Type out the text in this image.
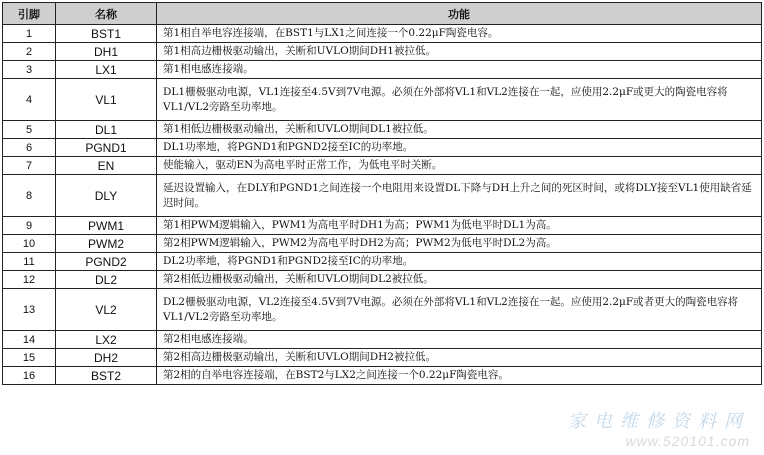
引脚	名称	功能
1	BST1	第1相自举电容连接端，在BST1与LX1之间连接一个0.22μF陶瓷电容。
2	DH1	第1相高边栅极驱动输出，关断和UVLO期间DH1被拉低。
3	LX1	第1相电感连接端。
4	VL1	DL1栅极驱动电源，VL1连接至4.5V到7V电源。必须在外部将VL1和VL2连接在一起，应使用2.2μF或更大的陶瓷电容将VL1/VL2旁路至功率地。
5	DL1	第1相低边栅极驱动输出，关断和UVLO期间DL1被拉低。
6	PGND1	DL1功率地，将PGND1和PGND2接至IC的功率地。
7	EN	使能输入，驱动EN为高电平时正常工作，为低电平时关断。
8	DLY	延迟设置输入，在DLY和PGND1之间连接一个电阻用来设置DL下降与DH上升之间的死区时间，或将DLY接至VL1使用缺省延迟时间。
9	PWM1	第1相PWM逻辑输入，PWM1为高电平时DH1为高；PWM1为低电平时DL1为高。
10	PWM2	第2相PWM逻辑输入，PWM2为高电平时DH2为高；PWM2为低电平时DL2为高。
11	PGND2	DL2功率地，将PGND1和PGND2接至IC的功率地。
12	DL2	第2相低边栅极驱动输出，关断和UVLO期间DL2被拉低。
13	VL2	DL2栅极驱动电源，VL2连接至4.5V到7V电源。必须在外部将VL1和VL2连接在一起。应使用2.2μF或者更大的陶瓷电容将VL1/VL2旁路至功率地。
14	LX2	第2相电感连接端。
15	DH2	第2相高边栅极驱动输出，关断和UVLO期间DH2被拉低。
16	BST2	第2相的自举电容连接端，在BST2与LX2之间连接一个0.22μF陶瓷电容。
家电维修资料网
www.520101.com
